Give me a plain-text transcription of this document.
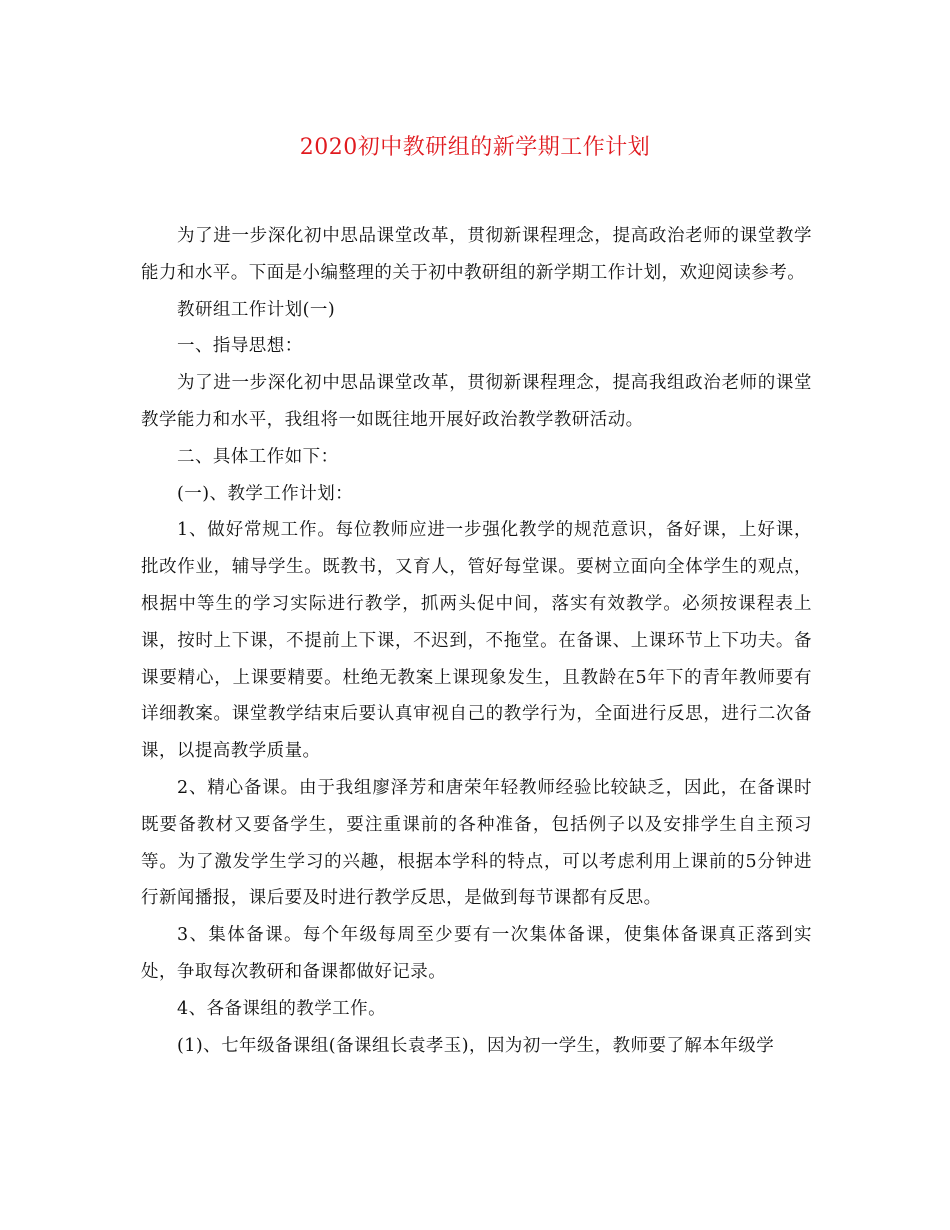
2020初中教研组的新学期工作计划

为了进一步深化初中思品课堂改革，贯彻新课程理念，提高政治老师的课堂教学能力和水平。下面是小编整理的关于初中教研组的新学期工作计划，欢迎阅读参考。

教研组工作计划(一)

一、指导思想：

为了进一步深化初中思品课堂改革，贯彻新课程理念，提高我组政治老师的课堂教学能力和水平，我组将一如既往地开展好政治教学教研活动。

二、具体工作如下：

(一)、教学工作计划：

1、做好常规工作。每位教师应进一步强化教学的规范意识，备好课，上好课，批改作业，辅导学生。既教书，又育人，管好每堂课。要树立面向全体学生的观点，根据中等生的学习实际进行教学，抓两头促中间，落实有效教学。必须按课程表上课，按时上下课，不提前上下课，不迟到，不拖堂。在备课、上课环节上下功夫。备课要精心，上课要精要。杜绝无教案上课现象发生，且教龄在5年下的青年教师要有详细教案。课堂教学结束后要认真审视自己的教学行为，全面进行反思，进行二次备课，以提高教学质量。

2、精心备课。由于我组廖泽芳和唐荣年轻教师经验比较缺乏，因此，在备课时既要备教材又要备学生，要注重课前的各种准备，包括例子以及安排学生自主预习等。为了激发学生学习的兴趣，根据本学科的特点，可以考虑利用上课前的5分钟进行新闻播报，课后要及时进行教学反思，是做到每节课都有反思。

3、集体备课。每个年级每周至少要有一次集体备课，使集体备课真正落到实处，争取每次教研和备课都做好记录。

4、各备课组的教学工作。

(1)、七年级备课组(备课组长袁孝玉)，因为初一学生，教师要了解本年级学
